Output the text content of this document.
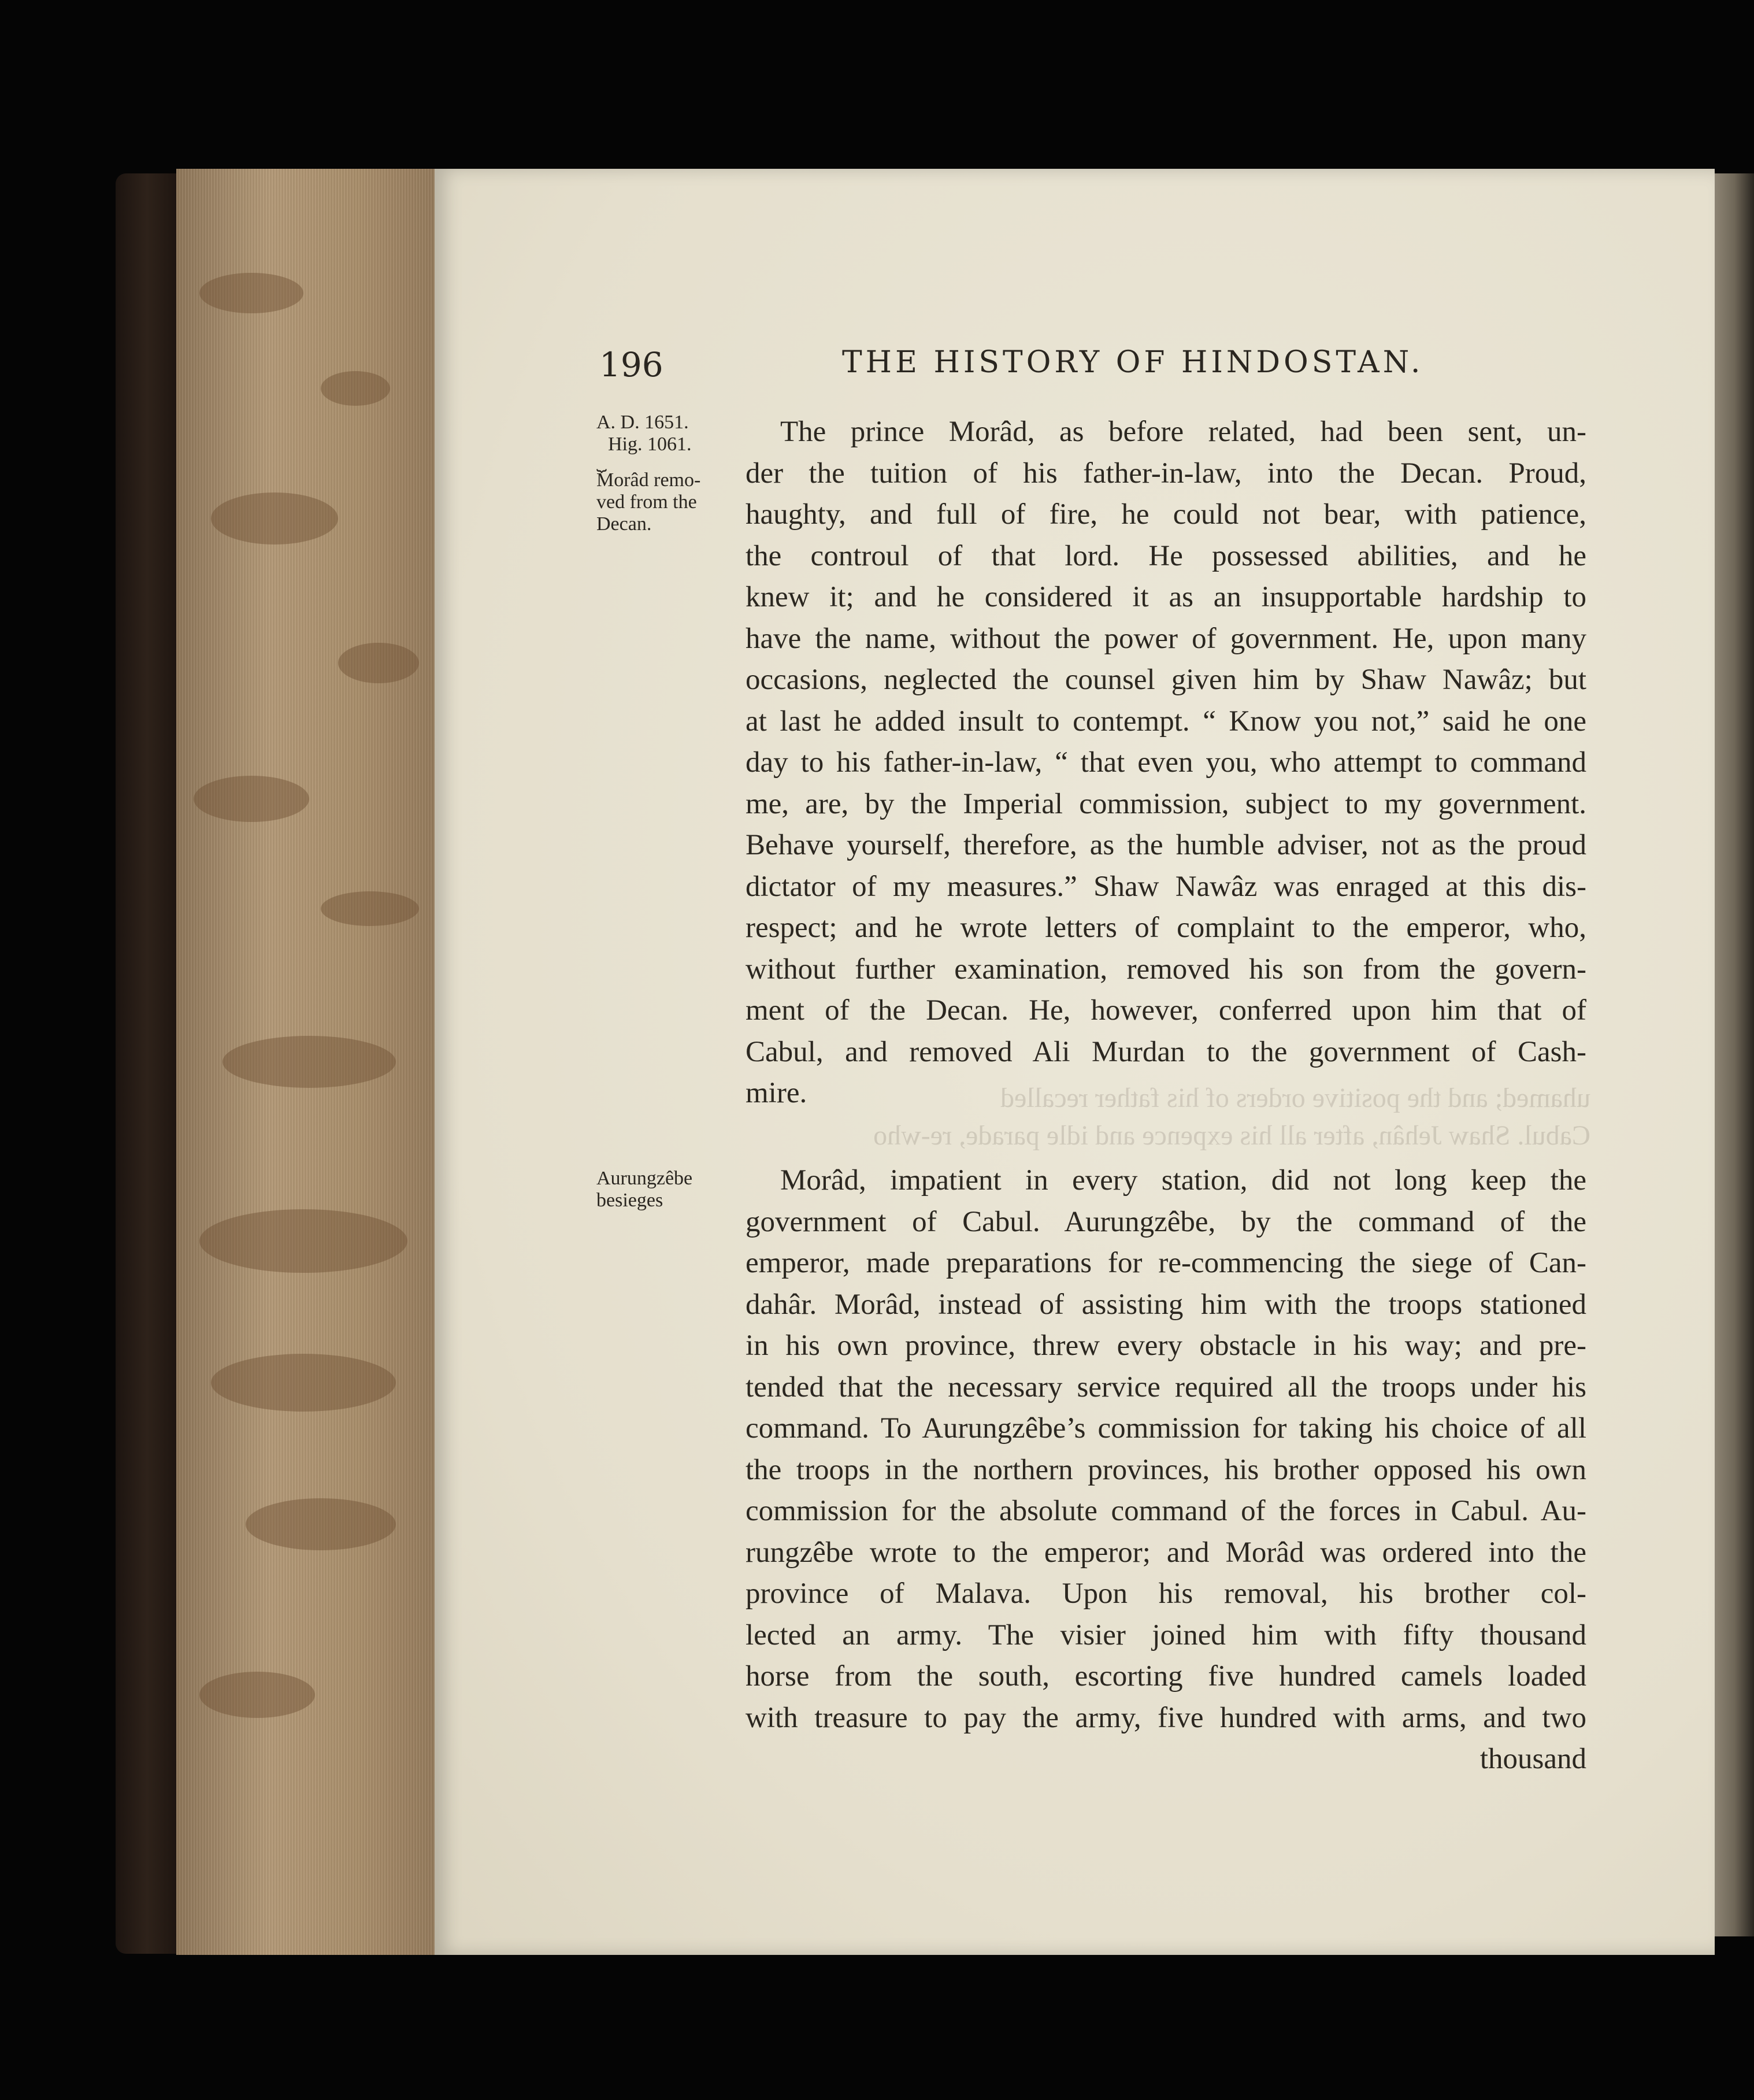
196	THE HISTORY OF HINDOSTAN.
A. D. 1651.
Hig. 1061.
⏟
Morâd remo-
ved from the
Decan.
Aurungzêbe
besieges
The prince Morâd, as before related, had been sent, un-
der the tuition of his father-in-law, into the Decan. Proud,
haughty, and full of fire, he could not bear, with patience,
the controul of that lord. He possessed abilities, and he
knew it; and he considered it as an insupportable hardship to
have the name, without the power of government. He, upon many
occasions, neglected the counsel given him by Shaw Nawâz; but
at last he added insult to contempt. “ Know you not,” said he one
day to his father-in-law, “ that even you, who attempt to command
me, are, by the Imperial commission, subject to my government.
Behave yourself, therefore, as the humble adviser, not as the proud
dictator of my measures.” Shaw Nawâz was enraged at this dis-
respect; and he wrote letters of complaint to the emperor, who,
without further examination, removed his son from the govern-
ment of the Decan. He, however, conferred upon him that of
Cabul, and removed Ali Murdan to the government of Cash-
mire.	uhamed; and the positive orders of his father recalled
Cabul. Shaw Jehân, after all his expence and idle parade, re-who
Morâd, impatient in every station, did not long keep the
government of Cabul. Aurungzêbe, by the command of the
emperor, made preparations for re-commencing the siege of Can-
dahâr. Morâd, instead of assisting him with the troops stationed
in his own province, threw every obstacle in his way; and pre-
tended that the necessary service required all the troops under his
command. To Aurungzêbe’s commission for taking his choice of all
the troops in the northern provinces, his brother opposed his own
commission for the absolute command of the forces in Cabul. Au-
rungzêbe wrote to the emperor; and Morâd was ordered into the
province of Malava. Upon his removal, his brother col-
lected an army. The visier joined him with fifty thousand
horse from the south, escorting five hundred camels loaded
with treasure to pay the army, five hundred with arms, and two
thousand
